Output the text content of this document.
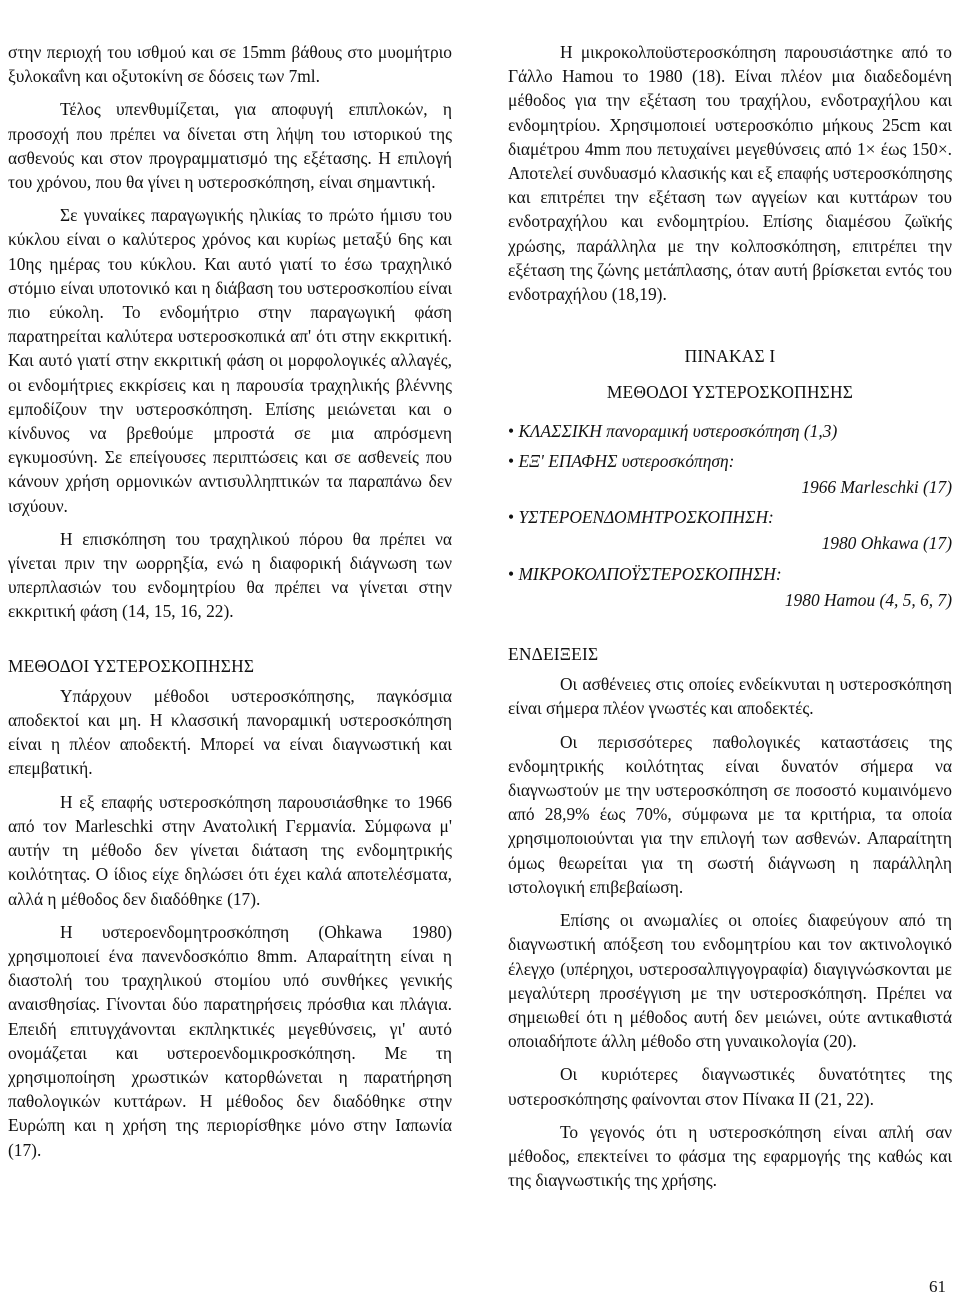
στην περιοχή του ισθμού και σε 15mm βάθους στο μυομήτριο ξυλοκαΐνη και οξυτοκίνη σε δόσεις των 7ml.

Τέλος υπενθυμίζεται, για αποφυγή επιπλοκών, η προσοχή που πρέπει να δίνεται στη λήψη του ιστορικού της ασθενούς και στον προγραμματισμό της εξέτασης. Η επιλογή του χρόνου, που θα γίνει η υστεροσκόπηση, είναι σημαντική.

Σε γυναίκες παραγωγικής ηλικίας το πρώτο ήμισυ του κύκλου είναι ο καλύτερος χρόνος και κυρίως μεταξύ 6ης και 10ης ημέρας του κύκλου. Και αυτό γιατί το έσω τραχηλικό στόμιο είναι υποτονικό και η διάβαση του υστεροσκοπίου είναι πιο εύκολη. Το ενδομήτριο στην παραγωγική φάση παρατηρείται καλύτερα υστεροσκοπικά απ' ότι στην εκκριτική. Και αυτό γιατί στην εκκριτική φάση οι μορφολογικές αλλαγές, οι ενδομήτριες εκκρίσεις και η παρουσία τραχηλικής βλέννης εμποδίζουν την υστεροσκόπηση. Επίσης μειώνεται και ο κίνδυνος να βρεθούμε μπροστά σε μια απρόσμενη εγκυμοσύνη. Σε επείγουσες περιπτώσεις και σε ασθενείς που κάνουν χρήση ορμονικών αντισυλληπτικών τα παραπάνω δεν ισχύουν.

Η επισκόπηση του τραχηλικού πόρου θα πρέπει να γίνεται πριν την ωορρηξία, ενώ η διαφορική διάγνωση των υπερπλασιών του ενδομητρίου θα πρέπει να γίνεται στην εκκριτική φάση (14, 15, 16, 22).

ΜΕΘΟΔΟΙ ΥΣΤΕΡΟΣΚΟΠΗΣΗΣ

Υπάρχουν μέθοδοι υστεροσκόπησης, παγκόσμια αποδεκτοί και μη. Η κλασσική πανοραμική υστεροσκόπηση είναι η πλέον αποδεκτή. Μπορεί να είναι διαγνωστική και επεμβατική.

Η εξ επαφής υστεροσκόπηση παρουσιάσθηκε το 1966 από τον Marleschki στην Ανατολική Γερμανία. Σύμφωνα μ' αυτήν τη μέθοδο δεν γίνεται διάταση της ενδομητρικής κοιλότητας. Ο ίδιος είχε δηλώσει ότι έχει καλά αποτελέσματα, αλλά η μέθοδος δεν διαδόθηκε (17).

Η υστεροενδομητροσκόπηση (Ohkawa 1980) χρησιμοποιεί ένα πανενδοσκόπιο 8mm. Απαραίτητη είναι η διαστολή του τραχηλικού στομίου υπό συνθήκες γενικής αναισθησίας. Γίνονται δύο παρατηρήσεις πρόσθια και πλάγια. Επειδή επιτυγχάνονται εκπληκτικές μεγεθύνσεις, γι' αυτό ονομάζεται και υστεροενδομικροσκόπηση. Με τη χρησιμοποίηση χρωστικών κατορθώνεται η παρατήρηση παθολογικών κυττάρων. Η μέθοδος δεν διαδόθηκε στην Ευρώπη και η χρήση της περιορίσθηκε μόνο στην Ιαπωνία (17).

Η μικροκολποϋστεροσκόπηση παρουσιάστηκε από το Γάλλο Hamou το 1980 (18). Είναι πλέον μια διαδεδομένη μέθοδος για την εξέταση του τραχήλου, ενδοτραχήλου και ενδομητρίου. Χρησιμοποιεί υστεροσκόπιο μήκους 25cm και διαμέτρου 4mm που πετυχαίνει μεγεθύνσεις από 1× έως 150×. Αποτελεί συνδυασμό κλασικής και εξ επαφής υστεροσκόπησης και επιτρέπει την εξέταση των αγγείων και κυττάρων του ενδοτραχήλου και ενδομητρίου. Επίσης διαμέσου ζωϊκής χρώσης, παράλληλα με την κολποσκόπηση, επιτρέπει την εξέταση της ζώνης μετάπλασης, όταν αυτή βρίσκεται εντός του ενδοτραχήλου (18,19).

ΠΙΝΑΚΑΣ Ι
ΜΕΘΟΔΟΙ ΥΣΤΕΡΟΣΚΟΠΗΣΗΣ
• ΚΛΑΣΣΙΚΗ πανοραμική υστεροσκόπηση (1,3)
• ΕΞ' ΕΠΑΦΗΣ υστεροσκόπηση:
1966 Marleschki (17)
• ΥΣΤΕΡΟΕΝΔΟΜΗΤΡΟΣΚΟΠΗΣΗ:
1980 Ohkawa (17)
• ΜΙΚΡΟΚΟΛΠΟΫΣΤΕΡΟΣΚΟΠΗΣΗ:
1980 Hamou (4, 5, 6, 7)
ΕΝΔΕΙΞΕΙΣ

Οι ασθένειες στις οποίες ενδείκνυται η υστεροσκόπηση είναι σήμερα πλέον γνωστές και αποδεκτές.

Οι περισσότερες παθολογικές καταστάσεις της ενδομητρικής κοιλότητας είναι δυνατόν σήμερα να διαγνωστούν με την υστεροσκόπηση σε ποσοστό κυμαινόμενο από 28,9% έως 70%, σύμφωνα με τα κριτήρια, τα οποία χρησιμοποιούνται για την επιλογή των ασθενών. Απαραίτητη όμως θεωρείται για τη σωστή διάγνωση η παράλληλη ιστολογική επιβεβαίωση.

Επίσης οι ανωμαλίες οι οποίες διαφεύγουν από τη διαγνωστική απόξεση του ενδομητρίου και τον ακτινολογικό έλεγχο (υπέρηχοι, υστεροσαλπιγγογραφία) διαγιγνώσκονται με μεγαλύτερη προσέγγιση με την υστεροσκόπηση. Πρέπει να σημειωθεί ότι η μέθοδος αυτή δεν μειώνει, ούτε αντικαθιστά οποιαδήποτε άλλη μέθοδο στη γυναικολογία (20).

Οι κυριότερες διαγνωστικές δυνατότητες της υστεροσκόπησης φαίνονται στον Πίνακα ΙΙ (21, 22).

Το γεγονός ότι η υστεροσκόπηση είναι απλή σαν μέθοδος, επεκτείνει το φάσμα της εφαρμογής της καθώς και της διαγνωστικής της χρήσης.

61
